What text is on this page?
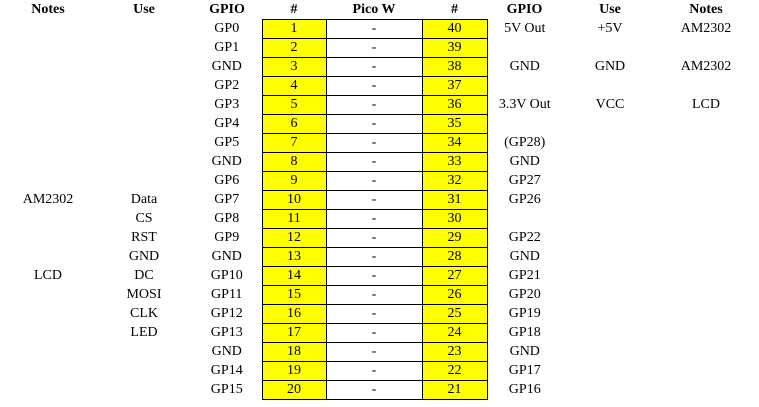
Notes	Use	GPIO	#	Pico W	#	GPIO	Use	Notes
		GP0	1	-	40	5V Out	+5V	AM2302
		GP1	2	-	39			
		GND	3	-	38	GND	GND	AM2302
		GP2	4	-	37			
		GP3	5	-	36	3.3V Out	VCC	LCD
		GP4	6	-	35			
		GP5	7	-	34	(GP28)		
		GND	8	-	33	GND		
		GP6	9	-	32	GP27		
AM2302	Data	GP7	10	-	31	GP26		
	CS	GP8	11	-	30			
	RST	GP9	12	-	29	GP22		
	GND	GND	13	-	28	GND		
LCD	DC	GP10	14	-	27	GP21		
	MOSI	GP11	15	-	26	GP20		
	CLK	GP12	16	-	25	GP19		
	LED	GP13	17	-	24	GP18		
		GND	18	-	23	GND		
		GP14	19	-	22	GP17		
		GP15	20	-	21	GP16		
